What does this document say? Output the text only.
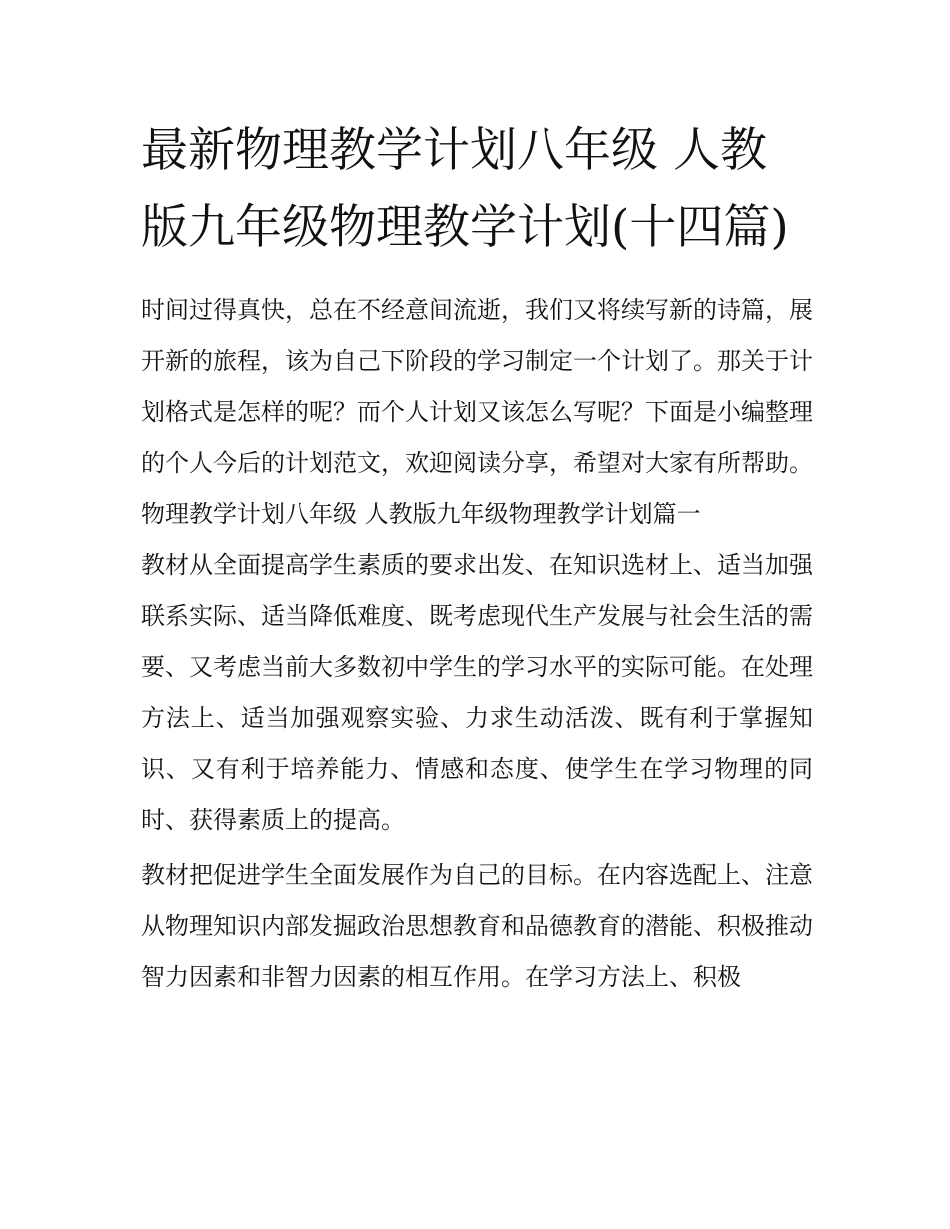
最新物理教学计划八年级 人教版九年级物理教学计划(十四篇)

时间过得真快，总在不经意间流逝，我们又将续写新的诗篇，展开新的旅程，该为自己下阶段的学习制定一个计划了。那关于计划格式是怎样的呢？而个人计划又该怎么写呢？下面是小编整理的个人今后的计划范文，欢迎阅读分享，希望对大家有所帮助。

物理教学计划八年级 人教版九年级物理教学计划篇一

教材从全面提高学生素质的要求出发、在知识选材上、适当加强联系实际、适当降低难度、既考虑现代生产发展与社会生活的需要、又考虑当前大多数初中学生的学习水平的实际可能。在处理方法上、适当加强观察实验、力求生动活泼、既有利于掌握知识、又有利于培养能力、情感和态度、使学生在学习物理的同时、获得素质上的提高。

教材把促进学生全面发展作为自己的目标。在内容选配上、注意从物理知识内部发掘政治思想教育和品德教育的潜能、积极推动智力因素和非智力因素的相互作用。在学习方法上、积极
